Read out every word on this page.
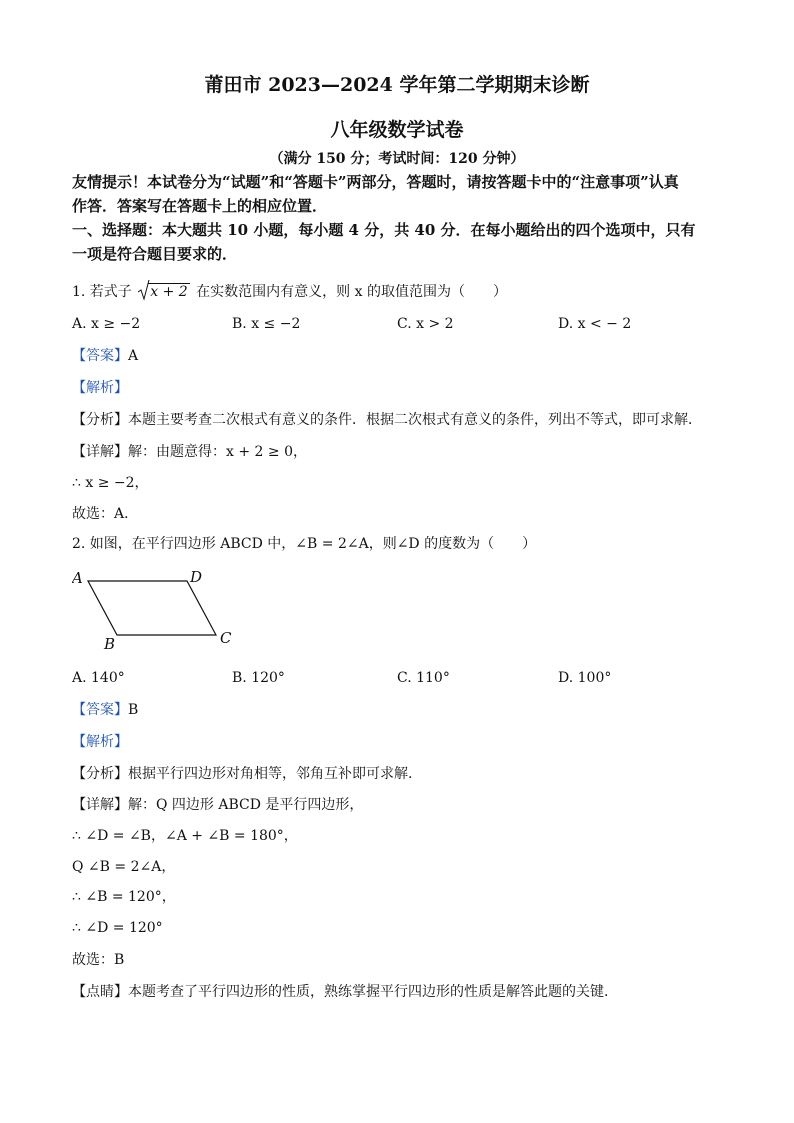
莆田市 2023—2024 学年第二学期期末诊断
八年级数学试卷
（满分 150 分；考试时间：120 分钟）
友情提示！本试卷分为“试题”和“答题卡”两部分，答题时，请按答题卡中的“注意事项”认真
作答．答案写在答题卡上的相应位置．
一、选择题：本大题共 10 小题，每小题 4 分，共 40 分．在每小题给出的四个选项中，只有
一项是符合题目要求的．
1. 若式子 x + 2 在实数范围内有意义，则 x 的取值范围为（　　）
A. x ≥ −2	B. x ≤ −2	C. x > 2	D. x < − 2
【答案】A
【解析】
【分析】本题主要考查二次根式有意义的条件．根据二次根式有意义的条件，列出不等式，即可求解．
【详解】解：由题意得：x + 2 ≥ 0，
∴ x ≥ −2，
故选：A．
2. 如图，在平行四边形 ABCD 中，∠B = 2∠A，则∠D 的度数为（　　）
A	D
B	C
A. 140°	B. 120°	C. 110°	D. 100°
【答案】B
【解析】
【分析】根据平行四边形对角相等，邻角互补即可求解.
【详解】解：Q 四边形 ABCD 是平行四边形，
∴ ∠D = ∠B，∠A + ∠B = 180°，
Q ∠B = 2∠A，
∴ ∠B = 120°，
∴ ∠D = 120°
故选：B
【点睛】本题考查了平行四边形的性质，熟练掌握平行四边形的性质是解答此题的关键.
